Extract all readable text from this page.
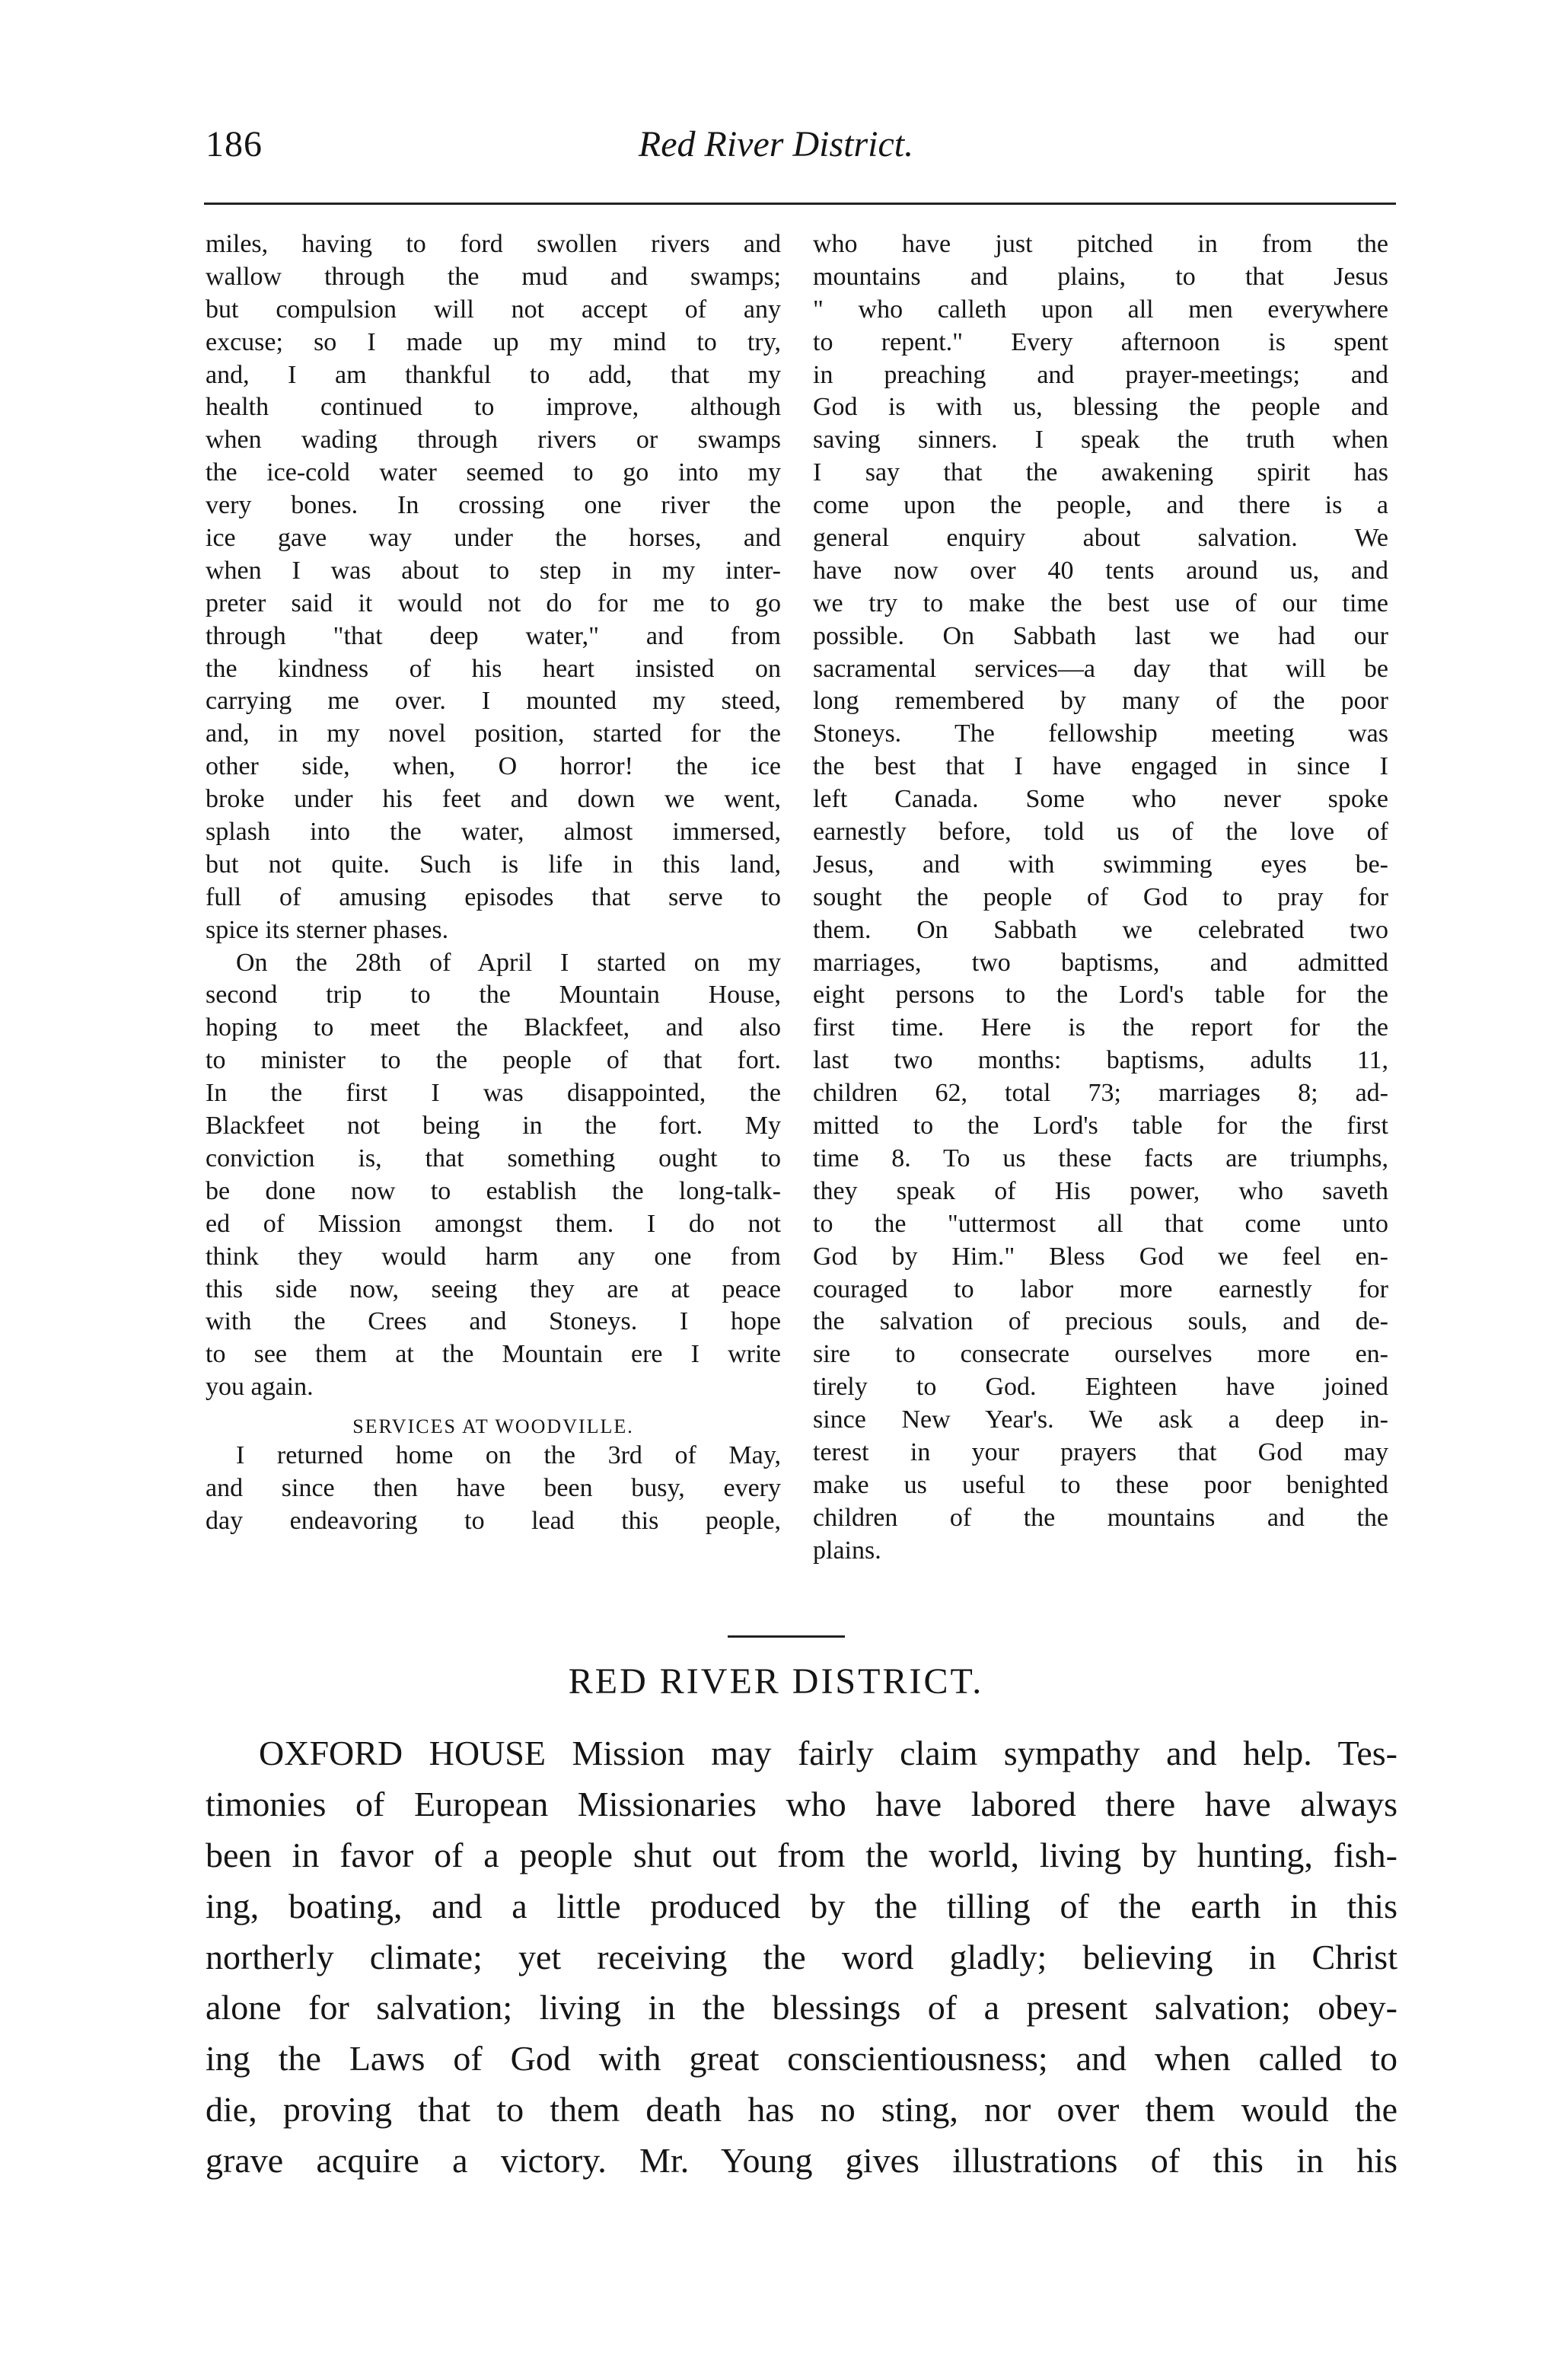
186	Red River District.
miles, having to ford swollen rivers and
wallow through the mud and swamps;
but compulsion will not accept of any
excuse; so I made up my mind to try,
and, I am thankful to add, that my
health continued to improve, although
when wading through rivers or swamps
the ice-cold water seemed to go into my
very bones. In crossing one river the
ice gave way under the horses, and
when I was about to step in my inter-
preter said it would not do for me to go
through "that deep water," and from
the kindness of his heart insisted on
carrying me over. I mounted my steed,
and, in my novel position, started for the
other side, when, O horror! the ice
broke under his feet and down we went,
splash into the water, almost immersed,
but not quite. Such is life in this land,
full of amusing episodes that serve to
spice its sterner phases.
On the 28th of April I started on my
second trip to the Mountain House,
hoping to meet the Blackfeet, and also
to minister to the people of that fort.
In the first I was disappointed, the
Blackfeet not being in the fort. My
conviction is, that something ought to
be done now to establish the long-talk-
ed of Mission amongst them. I do not
think they would harm any one from
this side now, seeing they are at peace
with the Crees and Stoneys. I hope
to see them at the Mountain ere I write
you again.
SERVICES AT WOODVILLE.
I returned home on the 3rd of May,
and since then have been busy, every
day endeavoring to lead this people,
who have just pitched in from the
mountains and plains, to that Jesus
" who calleth upon all men everywhere
to repent." Every afternoon is spent
in preaching and prayer-meetings; and
God is with us, blessing the people and
saving sinners. I speak the truth when
I say that the awakening spirit has
come upon the people, and there is a
general enquiry about salvation. We
have now over 40 tents around us, and
we try to make the best use of our time
possible. On Sabbath last we had our
sacramental services—a day that will be
long remembered by many of the poor
Stoneys. The fellowship meeting was
the best that I have engaged in since I
left Canada. Some who never spoke
earnestly before, told us of the love of
Jesus, and with swimming eyes be-
sought the people of God to pray for
them. On Sabbath we celebrated two
marriages, two baptisms, and admitted
eight persons to the Lord's table for the
first time. Here is the report for the
last two months: baptisms, adults 11,
children 62, total 73; marriages 8; ad-
mitted to the Lord's table for the first
time 8. To us these facts are triumphs,
they speak of His power, who saveth
to the "uttermost all that come unto
God by Him." Bless God we feel en-
couraged to labor more earnestly for
the salvation of precious souls, and de-
sire to consecrate ourselves more en-
tirely to God. Eighteen have joined
since New Year's. We ask a deep in-
terest in your prayers that God may
make us useful to these poor benighted
children of the mountains and the
plains.
RED RIVER DISTRICT.
OXFORD HOUSE Mission may fairly claim sympathy and help. Tes-
timonies of European Missionaries who have labored there have always
been in favor of a people shut out from the world, living by hunting, fish-
ing, boating, and a little produced by the tilling of the earth in this
northerly climate; yet receiving the word gladly; believing in Christ
alone for salvation; living in the blessings of a present salvation; obey-
ing the Laws of God with great conscientiousness; and when called to
die, proving that to them death has no sting, nor over them would the
grave acquire a victory. Mr. Young gives illustrations of this in his
